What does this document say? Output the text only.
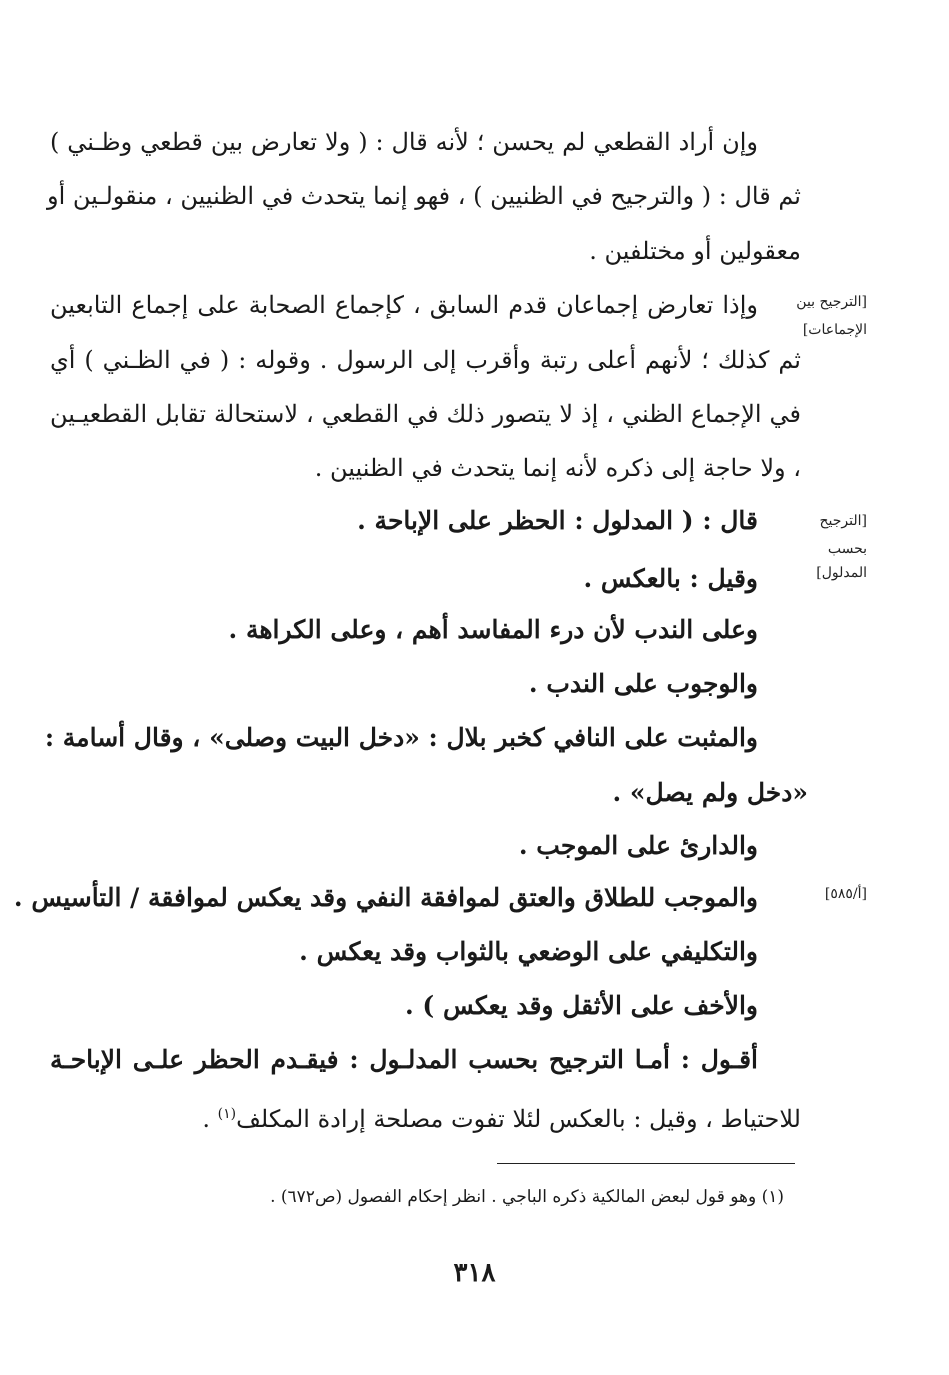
وإن أراد القطعي لم يحسن ؛ لأنه قال : ( ولا تعارض بين قطعي وظـني )
ثم قال : ( والترجيح في الظنيين ) ، فهو إنما يتحدث في الظنيين ، منقولـين أو
معقولين أو مختلفين .
وإذا تعارض إجماعان قدم السابق ، كإجماع الصحابة على إجماع التابعين
ثم كذلك ؛ لأنهم أعلى رتبة وأقرب إلى الرسول . وقوله : ( في الظـني ) أي
في الإجماع الظني ، إذ لا يتصور ذلك في القطعي ، لاستحالة تقابل القطعيـين
، ولا حاجة إلى ذكره لأنه إنما يتحدث في الظنيين .
قال : ( المدلول : الحظر على الإباحة .
وقيل : بالعكس .
وعلى الندب لأن درء المفاسد أهم ، وعلى الكراهة .
والوجوب على الندب .
والمثبت على النافي كخبر بلال : «دخل البيت وصلى» ، وقال أسامة :
«دخل ولم يصل» .
والدارئ على الموجب .
والموجب للطلاق والعتق لموافقة النفي وقد يعكس لموافقة / التأسيس .
والتكليفي على الوضعي بالثواب وقد يعكس .
والأخف على الأثقل وقد يعكس ) .
أقـول : أمـا الترجيح بحسب المدلـول : فيقـدم الحظر علـى الإباحـة
للاحتياط ، وقيل : بالعكس لئلا تفوت مصلحة إرادة المكلف$^{(١)}$ .
[الترجيح بين
الإجماعات]
[الترجيح
بحسب
المدلول]
[أ/٥٨٥]
(١) وهو قول لبعض المالكية ذكره الباجي . انظر إحكام الفصول (ص٦٧٢) .
٣١٨
